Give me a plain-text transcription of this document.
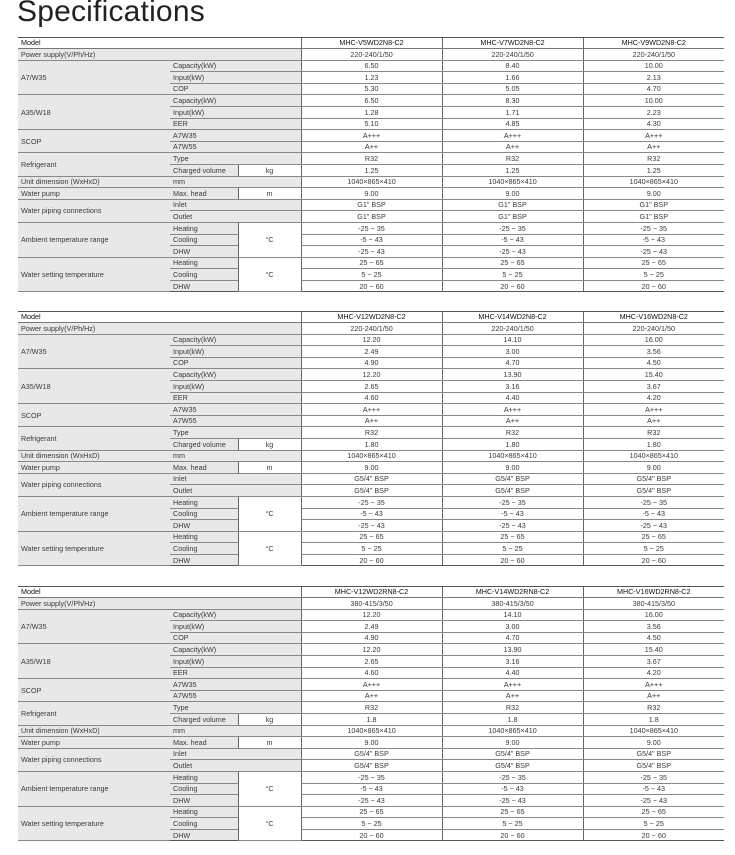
Specifications
Model			MHC-V5WD2N8-C2	MHC-V7WD2N8-C2	MHC-V9WD2N8-C2
Power supply(V/Ph/Hz)			220-240/1/50	220-240/1/50	220-240/1/50
A7/W35	Capacity(kW)		6.50	8.40	10.00
	Input(kW)		1.23	1.66	2.13
	COP		5.30	5.05	4.70
A35/W18	Capacity(kW)		6.50	8.30	10.00
	Input(kW)		1.28	1.71	2.23
	EER		5.10	4.85	4.30
SCOP	A7W35		A+++	A+++	A+++
	A7W55		A++	A++	A++
Refrigerant	Type		R32	R32	R32
	Charged volume	kg	1.25	1.25	1.25
Unit dimension (WxHxD)	mm		1040×865×410	1040×865×410	1040×865×410
Water pump	Max. head	m	9.00	9.00	9.00
Water piping connections	Inlet		G1" BSP	G1" BSP	G1" BSP
	Outlet		G1" BSP	G1" BSP	G1" BSP
Ambient temperature range	Heating	°C	-25 ~ 35	-25 ~ 35	-25 ~ 35
	Cooling		-5 ~ 43	-5 ~ 43	-5 ~ 43
	DHW		-25 ~ 43	-25 ~ 43	-25 ~ 43
Water setting temperature	Heating	°C	25 ~ 65	25 ~ 65	25 ~ 65
	Cooling		5 ~ 25	5 ~ 25	5 ~ 25
	DHW		20 ~ 60	20 ~ 60	20 ~ 60
Model			MHC-V12WD2N8-C2	MHC-V14WD2N8-C2	MHC-V16WD2N8-C2
Power supply(V/Ph/Hz)			220-240/1/50	220-240/1/50	220-240/1/50
A7/W35	Capacity(kW)		12.20	14.10	16.00
	Input(kW)		2.49	3.00	3.56
	COP		4.90	4.70	4.50
A35/W18	Capacity(kW)		12.20	13.90	15.40
	Input(kW)		2.65	3.16	3.67
	EER		4.60	4.40	4.20
SCOP	A7W35		A+++	A+++	A+++
	A7W55		A++	A++	A++
Refrigerant	Type		R32	R32	R32
	Charged volume	kg	1.80	1.80	1.80
Unit dimension (WxHxD)	mm		1040×865×410	1040×865×410	1040×865×410
Water pump	Max. head	m	9.00	9.00	9.00
Water piping connections	Inlet		G5/4" BSP	G5/4" BSP	G5/4" BSP
	Outlet		G5/4" BSP	G5/4" BSP	G5/4" BSP
Ambient temperature range	Heating	°C	-25 ~ 35	-25 ~ 35	-25 ~ 35
	Cooling		-5 ~ 43	-5 ~ 43	-5 ~ 43
	DHW		-25 ~ 43	-25 ~ 43	-25 ~ 43
Water setting temperature	Heating	°C	25 ~ 65	25 ~ 65	25 ~ 65
	Cooling		5 ~ 25	5 ~ 25	5 ~ 25
	DHW		20 ~ 60	20 ~ 60	20 ~ 60
Model			MHC-V12WD2RN8-C2	MHC-V14WD2RN8-C2	MHC-V16WD2RN8-C2
Power supply(V/Ph/Hz)			380-415/3/50	380-415/3/50	380-415/3/50
A7/W35	Capacity(kW)		12.20	14.10	16.00
	Input(kW)		2.49	3.00	3.56
	COP		4.90	4.70	4.50
A35/W18	Capacity(kW)		12.20	13.90	15.40
	Input(kW)		2.65	3.16	3.67
	EER		4.60	4.40	4.20
SCOP	A7W35		A+++	A+++	A+++
	A7W55		A++	A++	A++
Refrigerant	Type		R32	R32	R32
	Charged volume	kg	1.8	1.8	1.8
Unit dimension (WxHxD)	mm		1040×865×410	1040×865×410	1040×865×410
Water pump	Max. head	m	9.00	9.00	9.00
Water piping connections	Inlet		G5/4" BSP	G5/4" BSP	G5/4" BSP
	Outlet		G5/4" BSP	G5/4" BSP	G5/4" BSP
Ambient temperature range	Heating	°C	-25 ~ 35	-25 ~ 35	-25 ~ 35
	Cooling		-5 ~ 43	-5 ~ 43	-5 ~ 43
	DHW		-25 ~ 43	-25 ~ 43	-25 ~ 43
Water setting temperature	Heating	°C	25 ~ 65	25 ~ 65	25 ~ 65
	Cooling		5 ~ 25	5 ~ 25	5 ~ 25
	DHW		20 ~ 60	20 ~ 60	20 ~ 60
